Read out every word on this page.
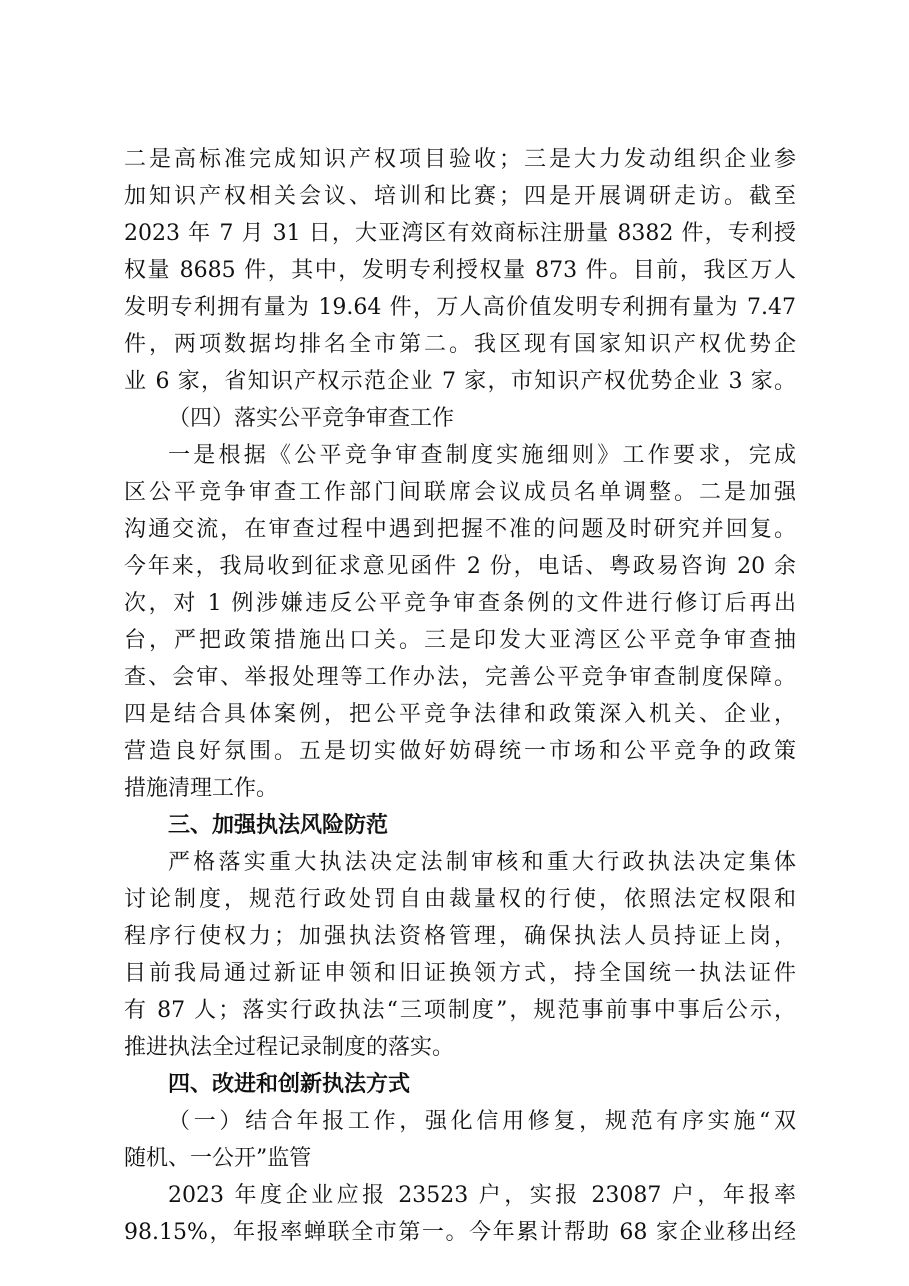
二是高标准完成知识产权项目验收；三是大力发动组织企业参
加知识产权相关会议、培训和比赛；四是开展调研走访。截至
2023 年 7 月 31 日，大亚湾区有效商标注册量 8382 件，专利授
权量 8685 件，其中，发明专利授权量 873 件。目前，我区万人
发明专利拥有量为 19.64 件，万人高价值发明专利拥有量为 7.47
件，两项数据均排名全市第二。我区现有国家知识产权优势企
业 6 家，省知识产权示范企业 7 家，市知识产权优势企业 3 家。
（四）落实公平竞争审查工作
一是根据《公平竞争审查制度实施细则》工作要求，完成
区公平竞争审查工作部门间联席会议成员名单调整。二是加强
沟通交流，在审查过程中遇到把握不准的问题及时研究并回复。
今年来，我局收到征求意见函件 2 份，电话、粤政易咨询 20 余
次，对 1 例涉嫌违反公平竞争审查条例的文件进行修订后再出
台，严把政策措施出口关。三是印发大亚湾区公平竞争审查抽
查、会审、举报处理等工作办法，完善公平竞争审查制度保障。
四是结合具体案例，把公平竞争法律和政策深入机关、企业，
营造良好氛围。五是切实做好妨碍统一市场和公平竞争的政策
措施清理工作。
三、加强执法风险防范
严格落实重大执法决定法制审核和重大行政执法决定集体
讨论制度，规范行政处罚自由裁量权的行使，依照法定权限和
程序行使权力；加强执法资格管理，确保执法人员持证上岗，
目前我局通过新证申领和旧证换领方式，持全国统一执法证件
有 87 人；落实行政执法“三项制度”，规范事前事中事后公示，
推进执法全过程记录制度的落实。
四、改进和创新执法方式
（一）结合年报工作，强化信用修复，规范有序实施“双
随机、一公开”监管
2023 年度企业应报 23523 户，实报 23087 户，年报率
98.15%，年报率蝉联全市第一。今年累计帮助 68 家企业移出经
